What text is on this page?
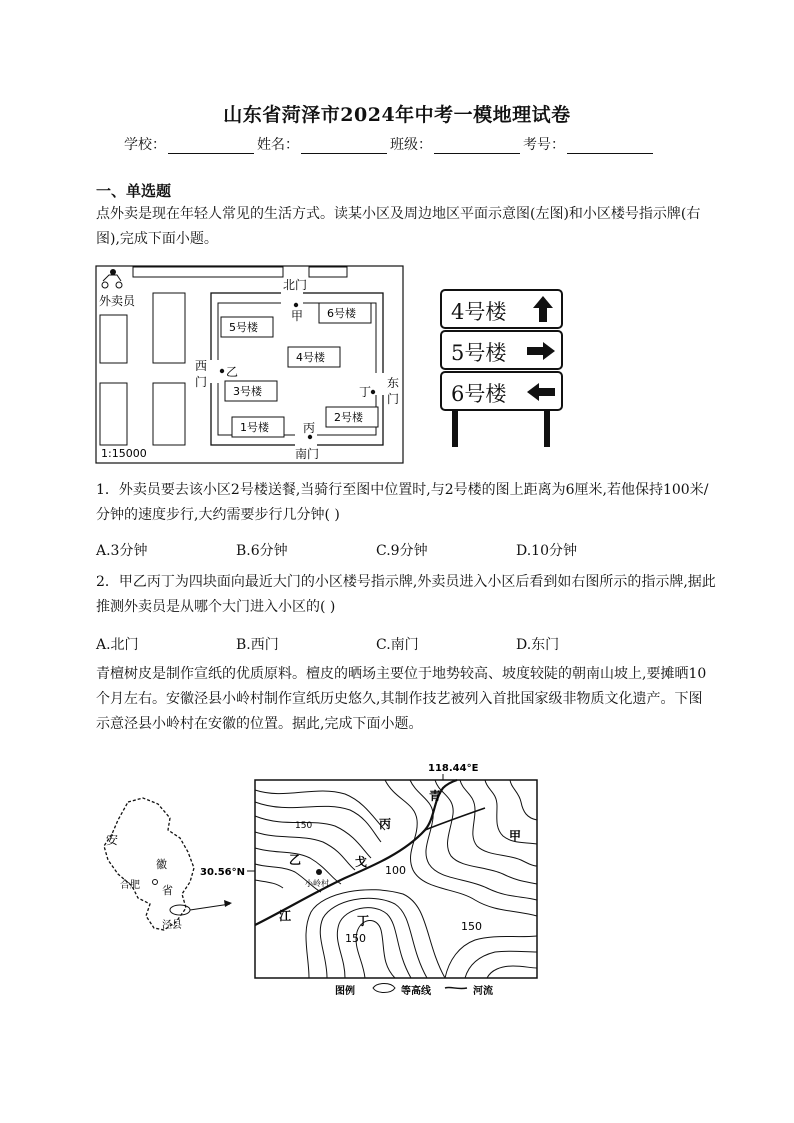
山东省菏泽市2024年中考一模地理试卷
学校：	姓名：	班级：	考号：
一、单选题
点外卖是现在年轻人常见的生活方式。读某小区及周边地区平面示意图(左图)和小区楼号指示牌(右图),完成下面小题。
外卖员
北门
西
门	东
门
南门
5号楼
6号楼
4号楼
3号楼
2号楼
1号楼
甲
乙
丁
丙
1:15000
4号楼
5号楼
6号楼
1．外卖员要去该小区2号楼送餐,当骑行至图中位置时,与2号楼的图上距离为6厘米,若他保持100米/分钟的速度步行,大约需要步行几分钟( )
A.3分钟	B.6分钟	C.9分钟	D.10分钟
2．甲乙丙丁为四块面向最近大门的小区楼号指示牌,外卖员进入小区后看到如右图所示的指示牌,据此推测外卖员是从哪个大门进入小区的( )
A.北门	B.西门	C.南门	D.东门
青檀树皮是制作宣纸的优质原料。檀皮的晒场主要位于地势较高、坡度较陡的朝南山坡上,要摊晒10个月左右。安徽泾县小岭村制作宣纸历史悠久,其制作技艺被列入首批国家级非物质文化遗产。下图示意泾县小岭村在安徽的位置。据此,完成下面小题。
安
徽
省
合肥
泾县
118.44°E
30.56°N
150
100
150
150
青
丙
甲
乙	戈
江	丁
小岭村
图例	等高线	河流
